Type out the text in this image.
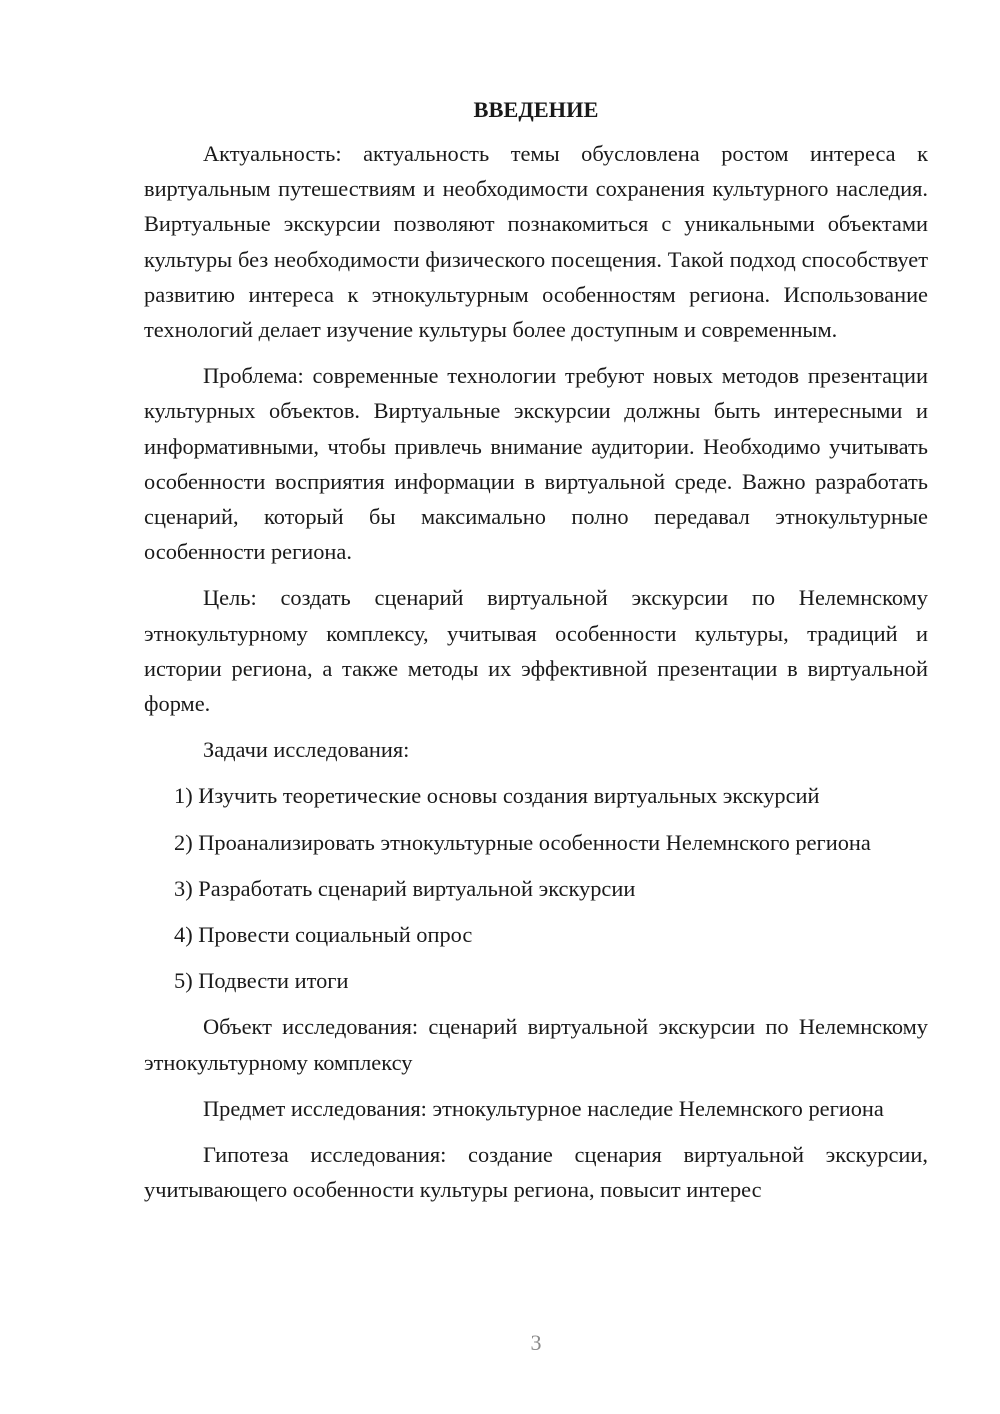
ВВЕДЕНИЕ

Актуальность: актуальность темы обусловлена ростом интереса к виртуальным путешествиям и необходимости сохранения культурного наследия. Виртуальные экскурсии позволяют познакомиться с уникальными объектами культуры без необходимости физического посещения. Такой подход способствует развитию интереса к этнокультурным особенностям региона. Использование технологий делает изучение культуры более доступным и современным.

Проблема: современные технологии требуют новых методов презентации культурных объектов. Виртуальные экскурсии должны быть интересными и информативными, чтобы привлечь внимание аудитории. Необходимо учитывать особенности восприятия информации в виртуальной среде. Важно разработать сценарий, который бы максимально полно передавал этнокультурные особенности региона.

Цель: создать сценарий виртуальной экскурсии по Нелемнскому этнокультурному комплексу, учитывая особенности культуры, традиций и истории региона, а также методы их эффективной презентации в виртуальной форме.

Задачи исследования:

1) Изучить теоретические основы создания виртуальных экскурсий

2) Проанализировать этнокультурные особенности Нелемнского региона

3) Разработать сценарий виртуальной экскурсии

4) Провести социальный опрос

5) Подвести итоги

Объект исследования: сценарий виртуальной экскурсии по Нелемнскому этнокультурному комплексу

Предмет исследования: этнокультурное наследие Нелемнского региона

Гипотеза исследования: создание сценария виртуальной экскурсии, учитывающего особенности культуры региона, повысит интерес

3
